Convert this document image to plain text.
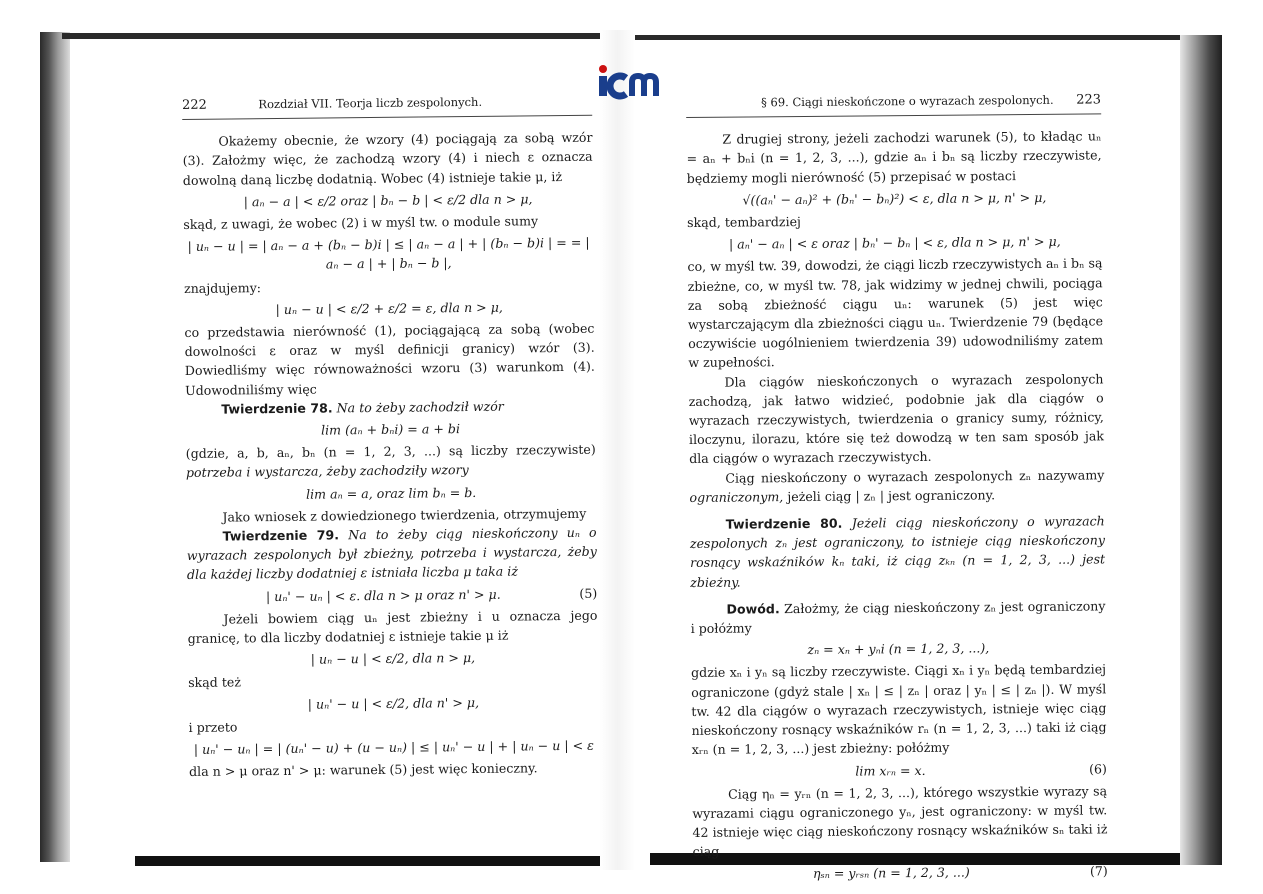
222	Rozdział VII. Teorja liczb zespolonych.

Okażemy obecnie, że wzory (4) pociągają za sobą wzór (3). Założmy więc, że zachodzą wzory (4) i niech ε oznacza dowolną daną liczbę dodatnią. Wobec (4) istnieje takie μ, iż

| aₙ − a | < ε/2 oraz | bₙ − b | < ε/2 dla n > μ,

skąd, z uwagi, że wobec (2) i w myśl tw. o module sumy

| uₙ − u | = | aₙ − a + (bₙ − b)i | ≤ | aₙ − a | + | (bₙ − b)i | = = | aₙ − a | + | bₙ − b |,

znajdujemy:

| uₙ − u | < ε/2 + ε/2 = ε, dla n > μ,

co przedstawia nierówność (1), pociągającą za sobą (wobec dowolności ε oraz w myśl definicji granicy) wzór (3). Dowiedliśmy więc równoważności wzoru (3) warunkom (4). Udowodniliśmy więc

Twierdzenie 78. Na to żeby zachodził wzór

lim (aₙ + bₙi) = a + bi

(gdzie, a, b, aₙ, bₙ (n = 1, 2, 3, ...) są liczby rzeczywiste) potrzeba i wystarcza, żeby zachodziły wzory

lim aₙ = a, oraz lim bₙ = b.

Jako wniosek z dowiedzionego twierdzenia, otrzymujemy

Twierdzenie 79. Na to żeby ciąg nieskończony uₙ o wyrazach zespolonych był zbieżny, potrzeba i wystarcza, żeby dla każdej liczby dodatniej ε istniała liczba μ taka iż

| uₙ' − uₙ | < ε. dla n > μ oraz n' > μ.	(5)

Jeżeli bowiem ciąg uₙ jest zbieżny i u oznacza jego granicę, to dla liczby dodatniej ε istnieje takie μ iż

| uₙ − u | < ε/2, dla n > μ,

skąd też

| uₙ' − u | < ε/2, dla n' > μ,

i przeto

| uₙ' − uₙ | = | (uₙ' − u) + (u − uₙ) | ≤ | uₙ' − u | + | uₙ − u | < ε

dla n > μ oraz n' > μ: warunek (5) jest więc konieczny.

§ 69. Ciągi nieskończone o wyrazach zespolonych. 223

Z drugiej strony, jeżeli zachodzi warunek (5), to kładąc uₙ = aₙ + bₙi (n = 1, 2, 3, ...), gdzie aₙ i bₙ są liczby rzeczywiste, będziemy mogli nierówność (5) przepisać w postaci

√((aₙ' − aₙ)² + (bₙ' − bₙ)²) < ε, dla n > μ, n' > μ,

skąd, tembardziej

| aₙ' − aₙ | < ε oraz | bₙ' − bₙ | < ε, dla n > μ, n' > μ,

co, w myśl tw. 39, dowodzi, że ciągi liczb rzeczywistych aₙ i bₙ są zbieżne, co, w myśl tw. 78, jak widzimy w jednej chwili, pociąga za sobą zbieżność ciągu uₙ: warunek (5) jest więc wystarczającym dla zbieżności ciągu uₙ. Twierdzenie 79 (będące oczywiście uogólnieniem twierdzenia 39) udowodniliśmy zatem w zupełności.

Dla ciągów nieskończonych o wyrazach zespolonych zachodzą, jak łatwo widzieć, podobnie jak dla ciągów o wyrazach rzeczywistych, twierdzenia o granicy sumy, różnicy, iloczynu, ilorazu, które się też dowodzą w ten sam sposób jak dla ciągów o wyrazach rzeczywistych.

Ciąg nieskończony o wyrazach zespolonych zₙ nazywamy ograniczonym, jeżeli ciąg | zₙ | jest ograniczony.

Twierdzenie 80. Jeżeli ciąg nieskończony o wyrazach zespolonych zₙ jest ograniczony, to istnieje ciąg nieskończony rosnący wskaźników kₙ taki, iż ciąg zₖₙ (n = 1, 2, 3, ...) jest zbieżny.

Dowód. Założmy, że ciąg nieskończony zₙ jest ograniczony i połóżmy

zₙ = xₙ + yₙi (n = 1, 2, 3, ...),

gdzie xₙ i yₙ są liczby rzeczywiste. Ciągi xₙ i yₙ będą tembardziej ograniczone (gdyż stale | xₙ | ≤ | zₙ | oraz | yₙ | ≤ | zₙ |). W myśl tw. 42 dla ciągów o wyrazach rzeczywistych, istnieje więc ciąg nieskończony rosnący wskaźników rₙ (n = 1, 2, 3, ...) taki iż ciąg xᵣₙ (n = 1, 2, 3, ...) jest zbieżny: połóżmy

lim xᵣₙ = x.	(6)

Ciąg ηₙ = yᵣₙ (n = 1, 2, 3, ...), którego wszystkie wyrazy są wyrazami ciągu ograniczonego yₙ, jest ograniczony: w myśl tw. 42 istnieje więc ciąg nieskończony rosnący wskaźników sₙ taki iż ciąg

ηₛₙ = yᵣₛₙ (n = 1, 2, 3, ...)	(7)
